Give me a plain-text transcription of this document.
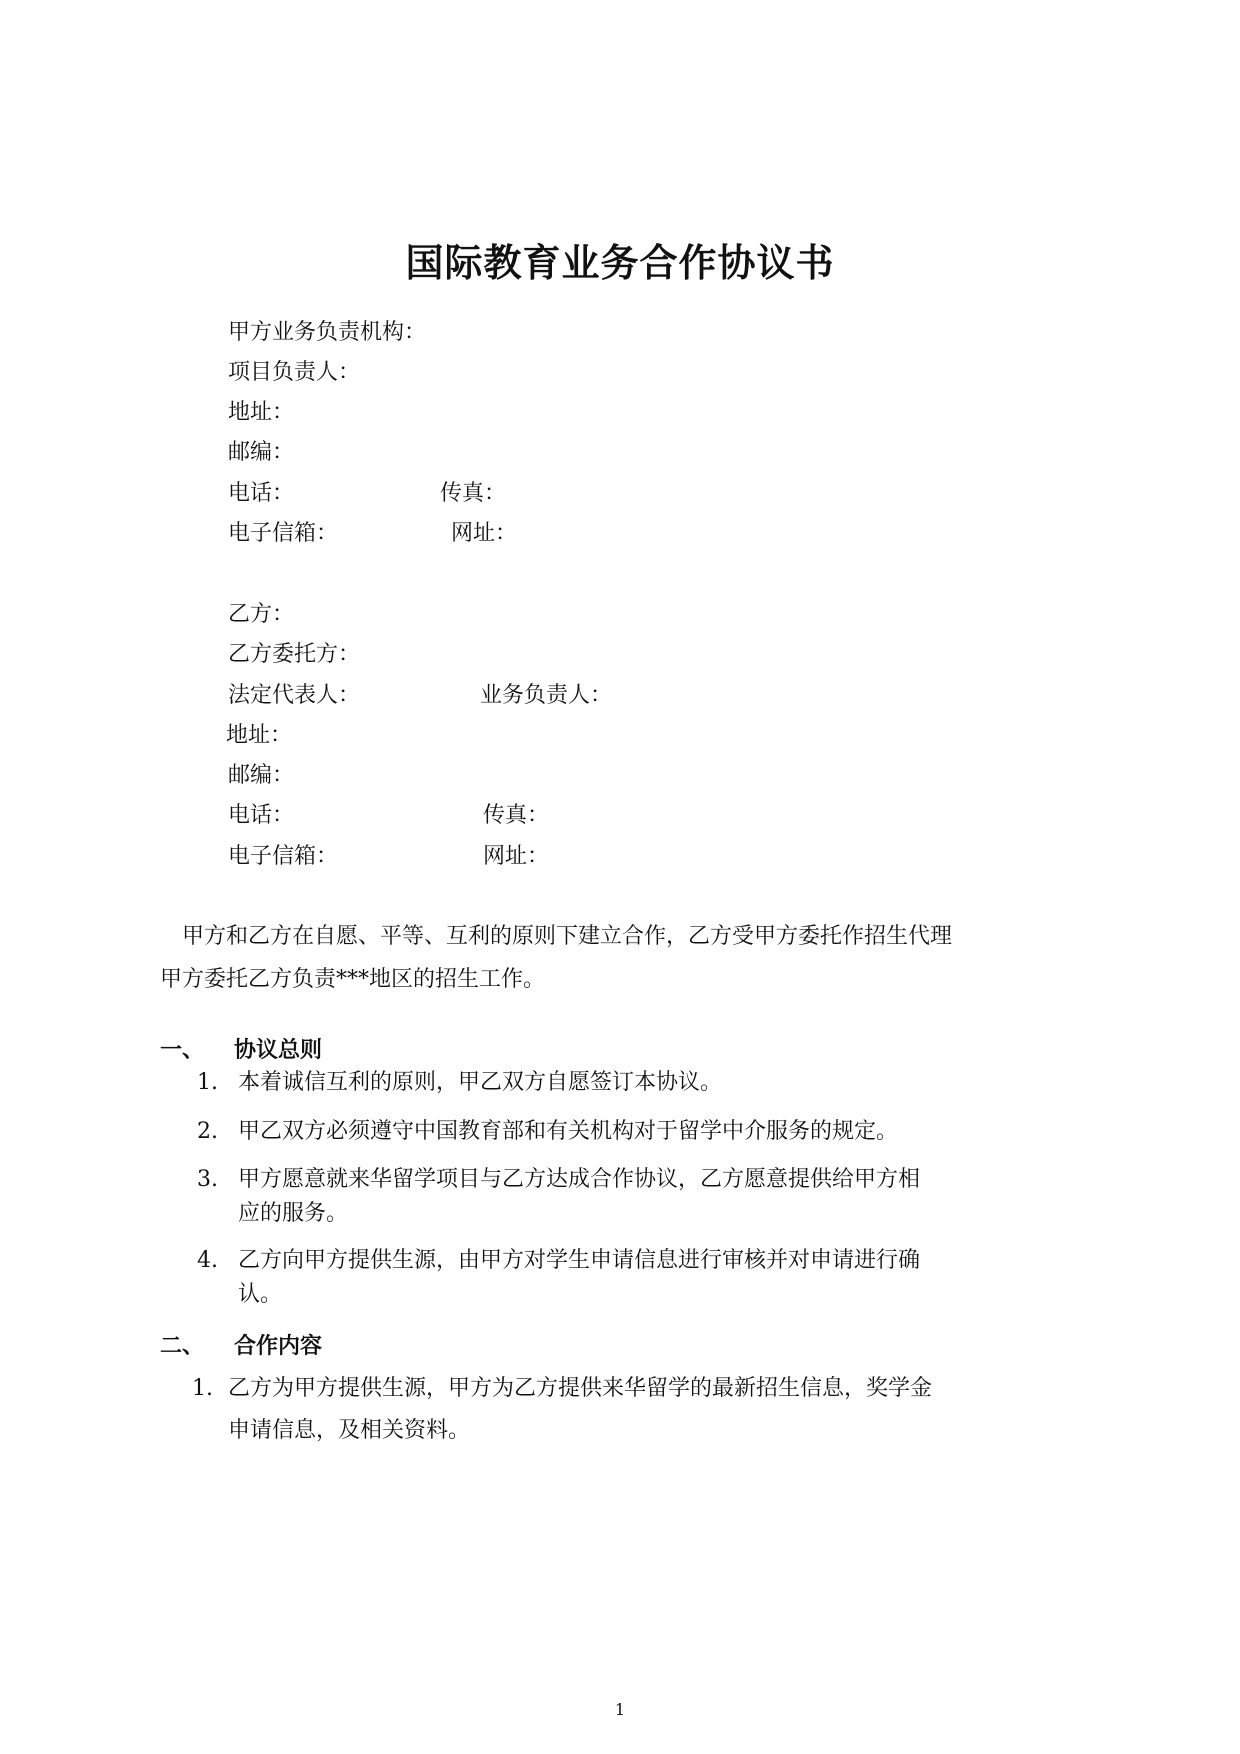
国际教育业务合作协议书
甲方业务负责机构：
项目负责人：
地址：
邮编：
电话：	传真：
电子信箱：	网址：
乙方：
乙方委托方：
法定代表人：	业务负责人：
地址：
邮编：
电话：	传真：
电子信箱：	网址：
甲方和乙方在自愿、平等、互利的原则下建立合作，乙方受甲方委托作招生代理
甲方委托乙方负责***地区的招生工作。
一、 协议总则
1. 本着诚信互利的原则，甲乙双方自愿签订本协议。
2. 甲乙双方必须遵守中国教育部和有关机构对于留学中介服务的规定。
3. 甲方愿意就来华留学项目与乙方达成合作协议，乙方愿意提供给甲方相
应的服务。
4. 乙方向甲方提供生源，由甲方对学生申请信息进行审核并对申请进行确
认。
二、 合作内容
1. 乙方为甲方提供生源，甲方为乙方提供来华留学的最新招生信息，奖学金
申请信息，及相关资料。
1
